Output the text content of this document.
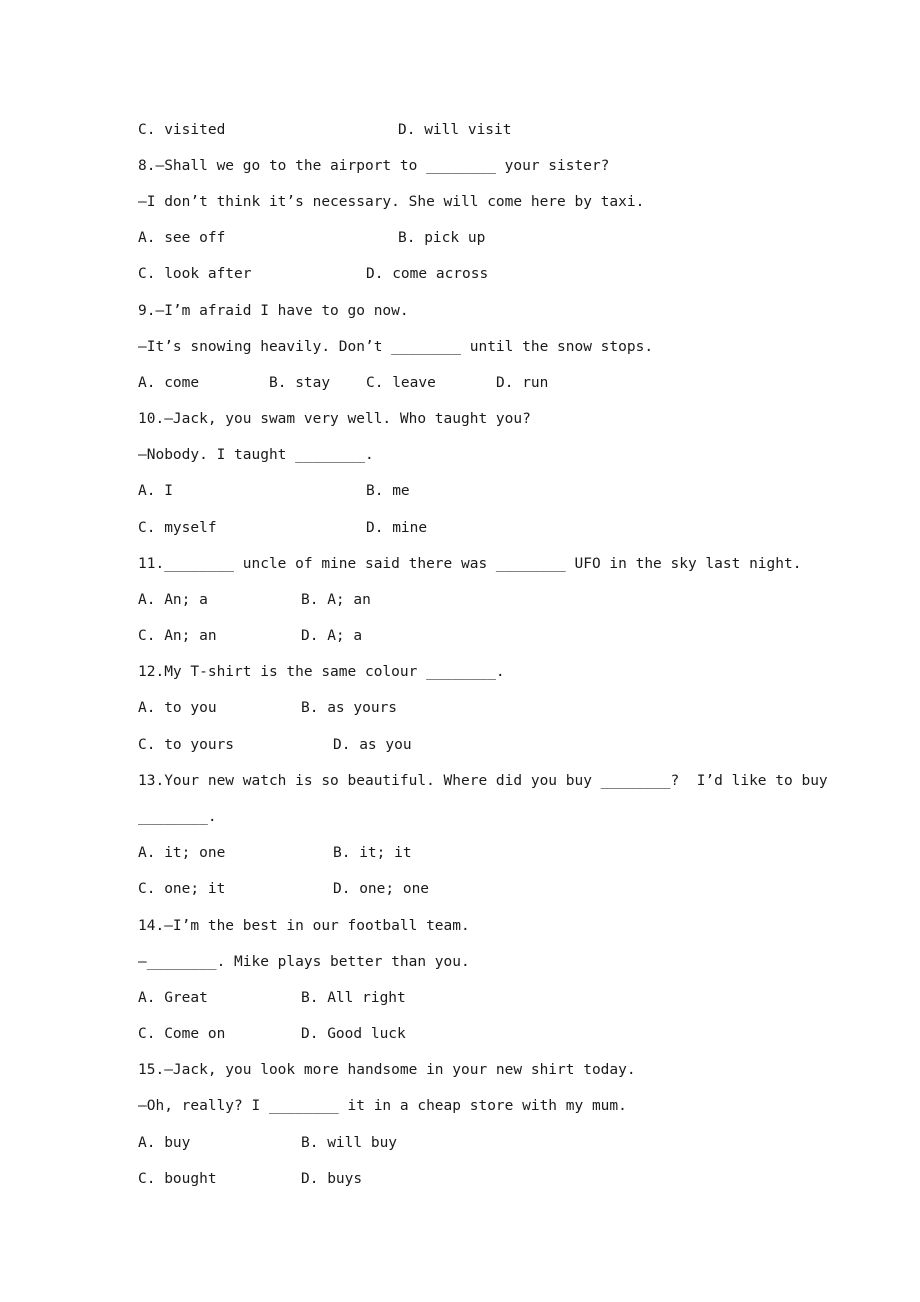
C. visited	D. will visit
8.—Shall we go to the airport to ________ your sister?
—I don’t think it’s necessary. She will come here by taxi.
A. see off	B. pick up
C. look after	D. come across
9.—I’m afraid I have to go now.
—It’s snowing heavily. Don’t ________ until the snow stops.
A. come	B. stay C. leave	D. run
10.—Jack, you swam very well. Who taught you?
—Nobody. I taught ________.
A. I	B. me
C. myself	D. mine
11.________ uncle of mine said there was ________ UFO in the sky last night.
A. An; a	B. A; an
C. An; an	D. A; a
12.My T-shirt is the same colour ________.
A. to you	B. as yours
C. to yours	D. as you
13.Your new watch is so beautiful. Where did you buy ________?  I’d like to buy
________.
A. it; one	B. it; it
C. one; it	D. one; one
14.—I’m the best in our football team.
—________. Mike plays better than you.
A. Great	B. All right
C. Come on	D. Good luck
15.—Jack, you look more handsome in your new shirt today.
—Oh, really? I ________ it in a cheap store with my mum.
A. buy	B. will buy
C. bought	D. buys
